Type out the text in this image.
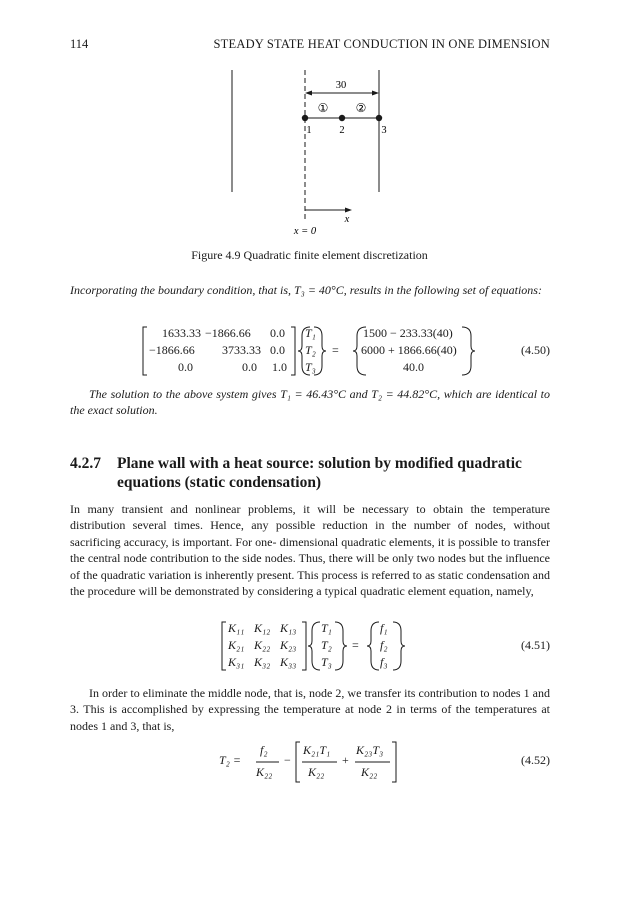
114	STEADY STATE HEAT CONDUCTION IN ONE DIMENSION
30
① ②
1	2	3
x
x = 0
Figure 4.9 Quadratic finite element discretization
Incorporating the boundary condition, that is, T₃ = 40°C, results in the following set of equations:
1633.33 −1866.66 0.0
−1866.66 3733.33 0.0
0.0	0.0 1.0
T₁
T₂
T₃
=
1500 − 233.33(40)
6000 + 1866.66(40)
40.0
(4.50)
The solution to the above system gives T₁ = 46.43°C and T₂ = 44.82°C, which are identical to the exact solution.
4.2.7 Plane wall with a heat source: solution by modified quadratic equations (static condensation)
In many transient and nonlinear problems, it will be necessary to obtain the temperature distribution several times. Hence, any possible reduction in the number of nodes, without sacrificing accuracy, is important. For one- dimensional quadratic elements, it is possible to transfer the central node contribution to the side nodes. Thus, there will be only two nodes but the influence of the quadratic variation is inherently present. This process is referred to as static condensation and the procedure will be demonstrated by considering a typical quadratic element equation, namely,
K₁₁ K₁₂ K₁₃
K₂₁ K₂₂ K₂₃
K₃₁ K₃₂ K₃₃
T₁
T₂
T₃
=
f₁
f₂
f₃
(4.51)
In order to eliminate the middle node, that is, node 2, we transfer its contribution to nodes 1 and 3. This is accomplished by expressing the temperature at node 2 in terms of the temperatures at nodes 1 and 3, that is,
T₂ =
f₂
K₂₂
−
K₂₁T₁
K₂₂
+
K₂₃T₃
K₂₂
(4.52)
